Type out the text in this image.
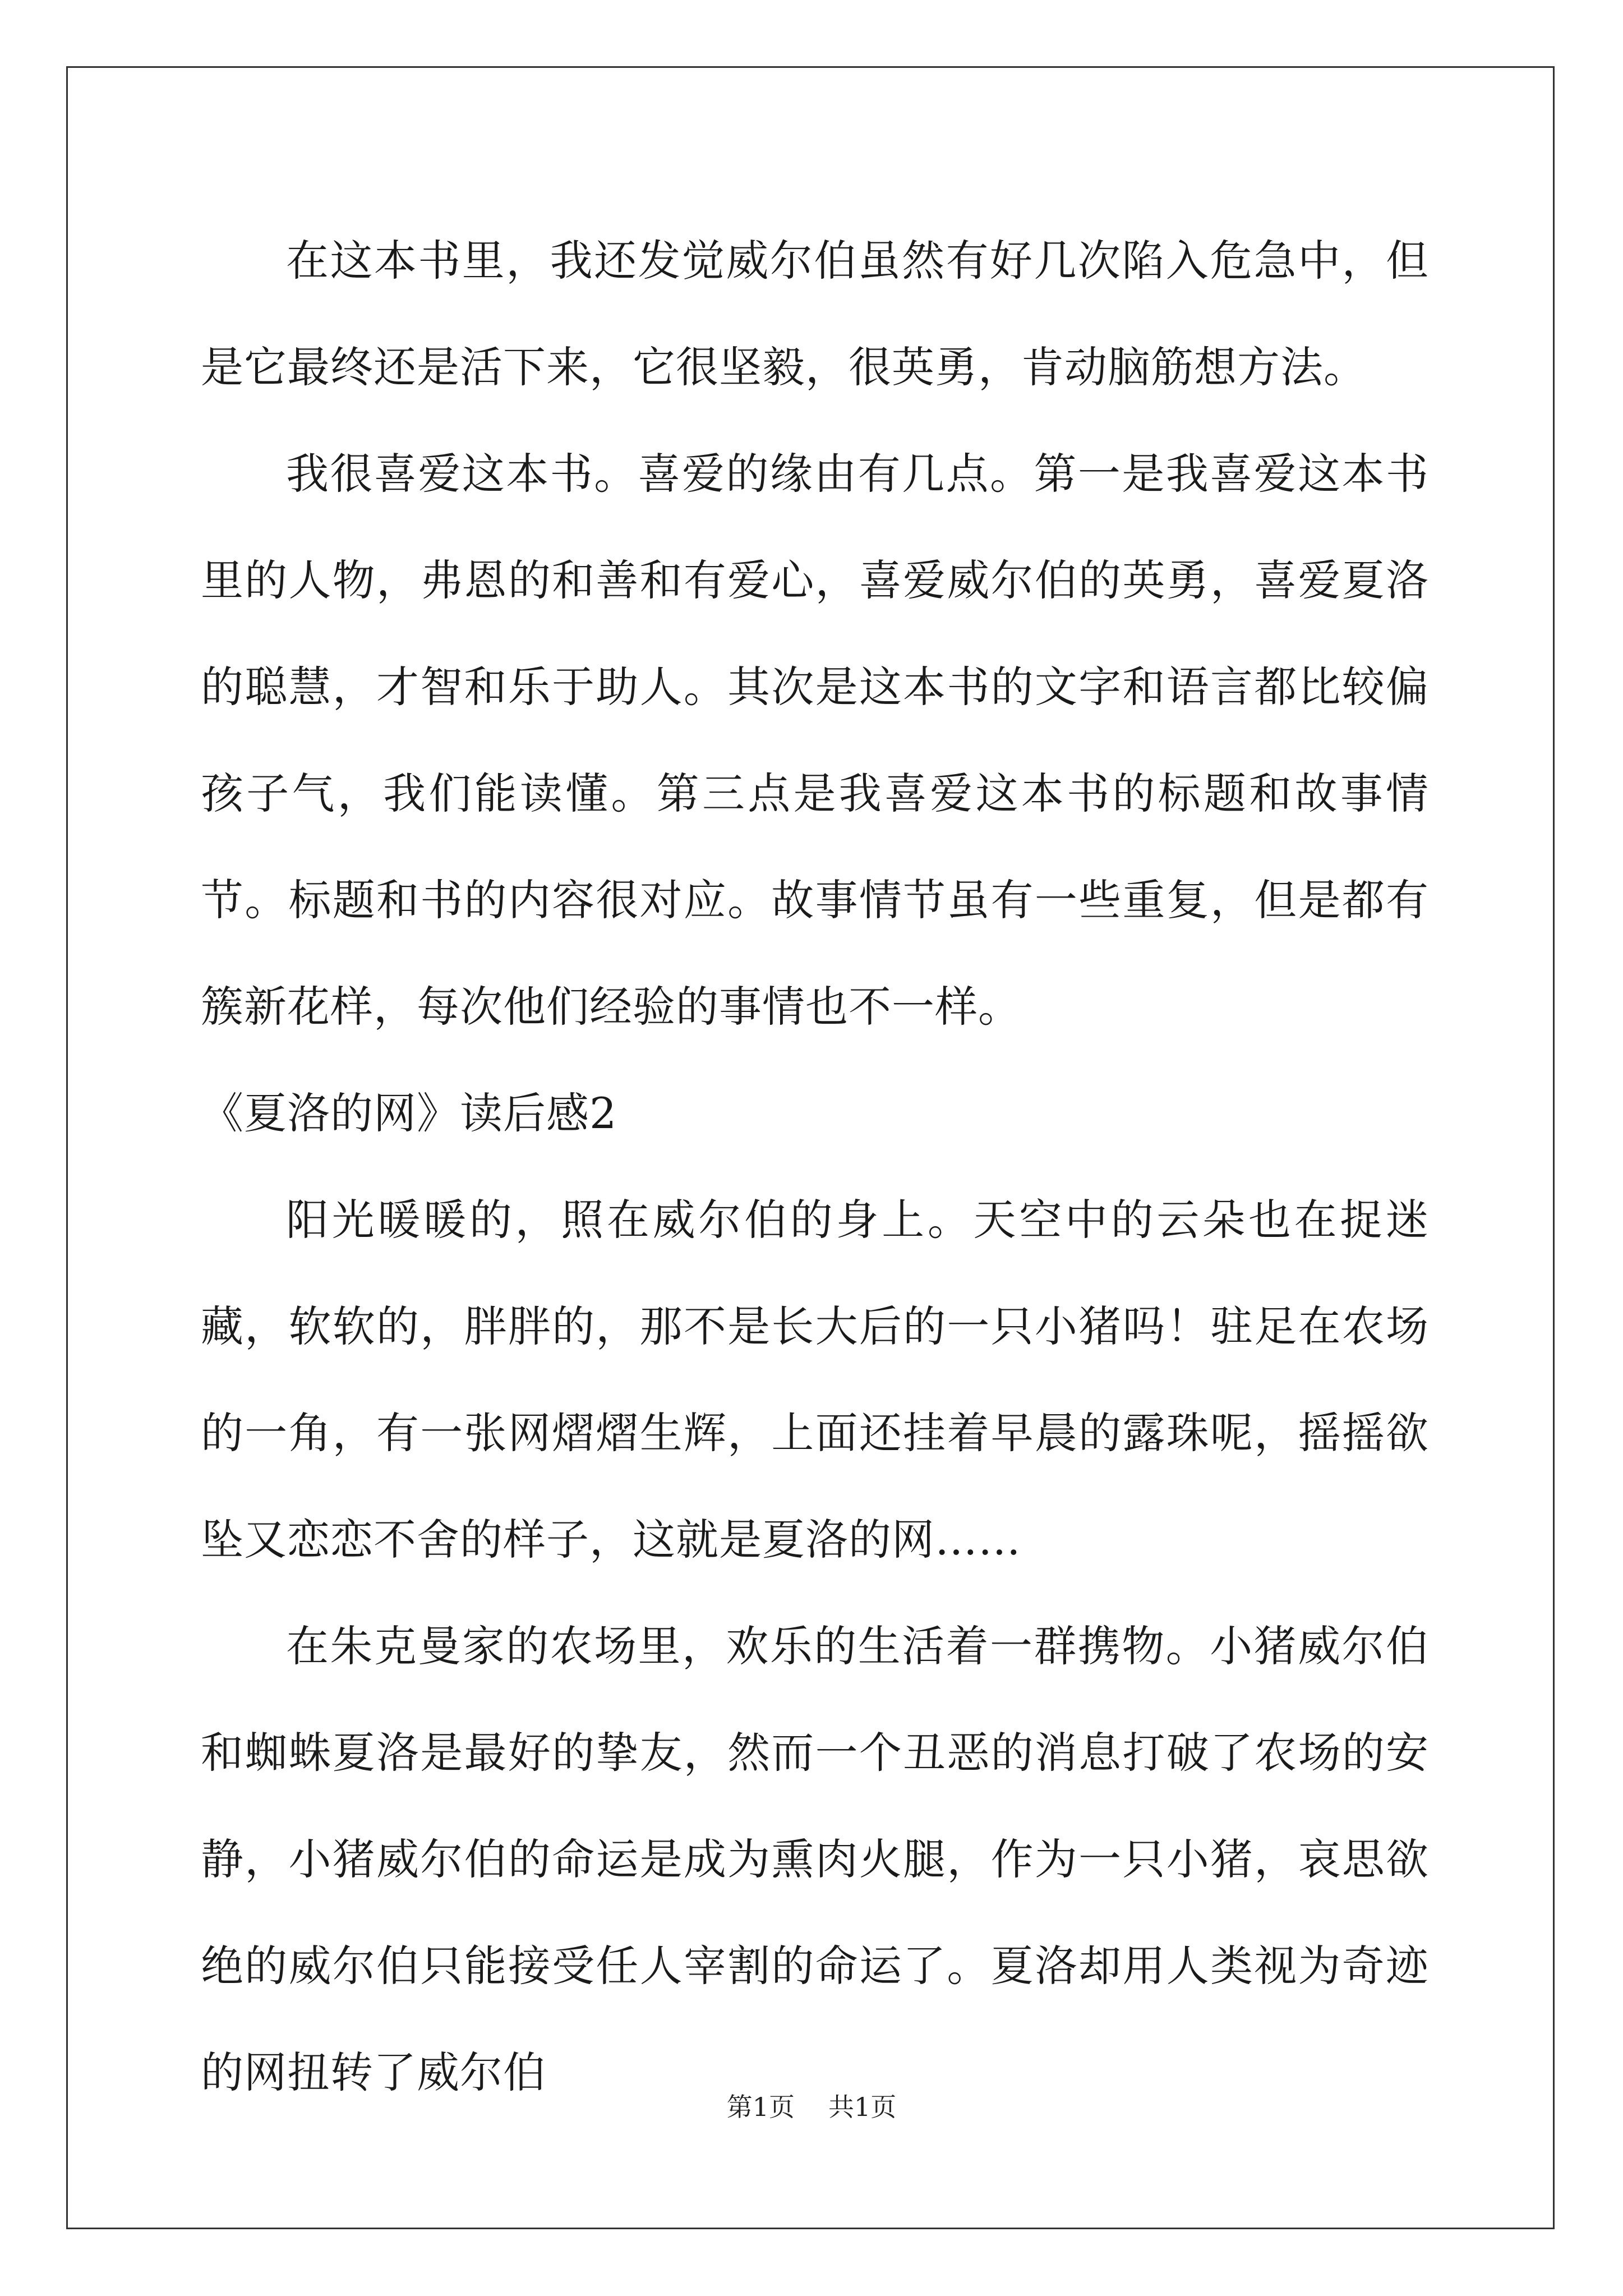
在这本书里，我还发觉威尔伯虽然有好几次陷入危急中，但是它最终还是活下来，它很坚毅，很英勇，肯动脑筋想方法。

我很喜爱这本书。喜爱的缘由有几点。第一是我喜爱这本书里的人物，弗恩的和善和有爱心，喜爱威尔伯的英勇，喜爱夏洛的聪慧，才智和乐于助人。其次是这本书的文字和语言都比较偏孩子气，我们能读懂。第三点是我喜爱这本书的标题和故事情节。标题和书的内容很对应。故事情节虽有一些重复，但是都有簇新花样，每次他们经验的事情也不一样。

《夏洛的网》读后感2

阳光暖暖的，照在威尔伯的身上。天空中的云朵也在捉迷藏，软软的，胖胖的，那不是长大后的一只小猪吗！驻足在农场的一角，有一张网熠熠生辉，上面还挂着早晨的露珠呢，摇摇欲坠又恋恋不舍的样子，这就是夏洛的网……

在朱克曼家的农场里，欢乐的生活着一群携物。小猪威尔伯和蜘蛛夏洛是最好的挚友，然而一个丑恶的消息打破了农场的安静，小猪威尔伯的命运是成为熏肉火腿，作为一只小猪，哀思欲绝的威尔伯只能接受任人宰割的命运了。夏洛却用人类视为奇迹的网扭转了威尔伯

第1页 共1页
